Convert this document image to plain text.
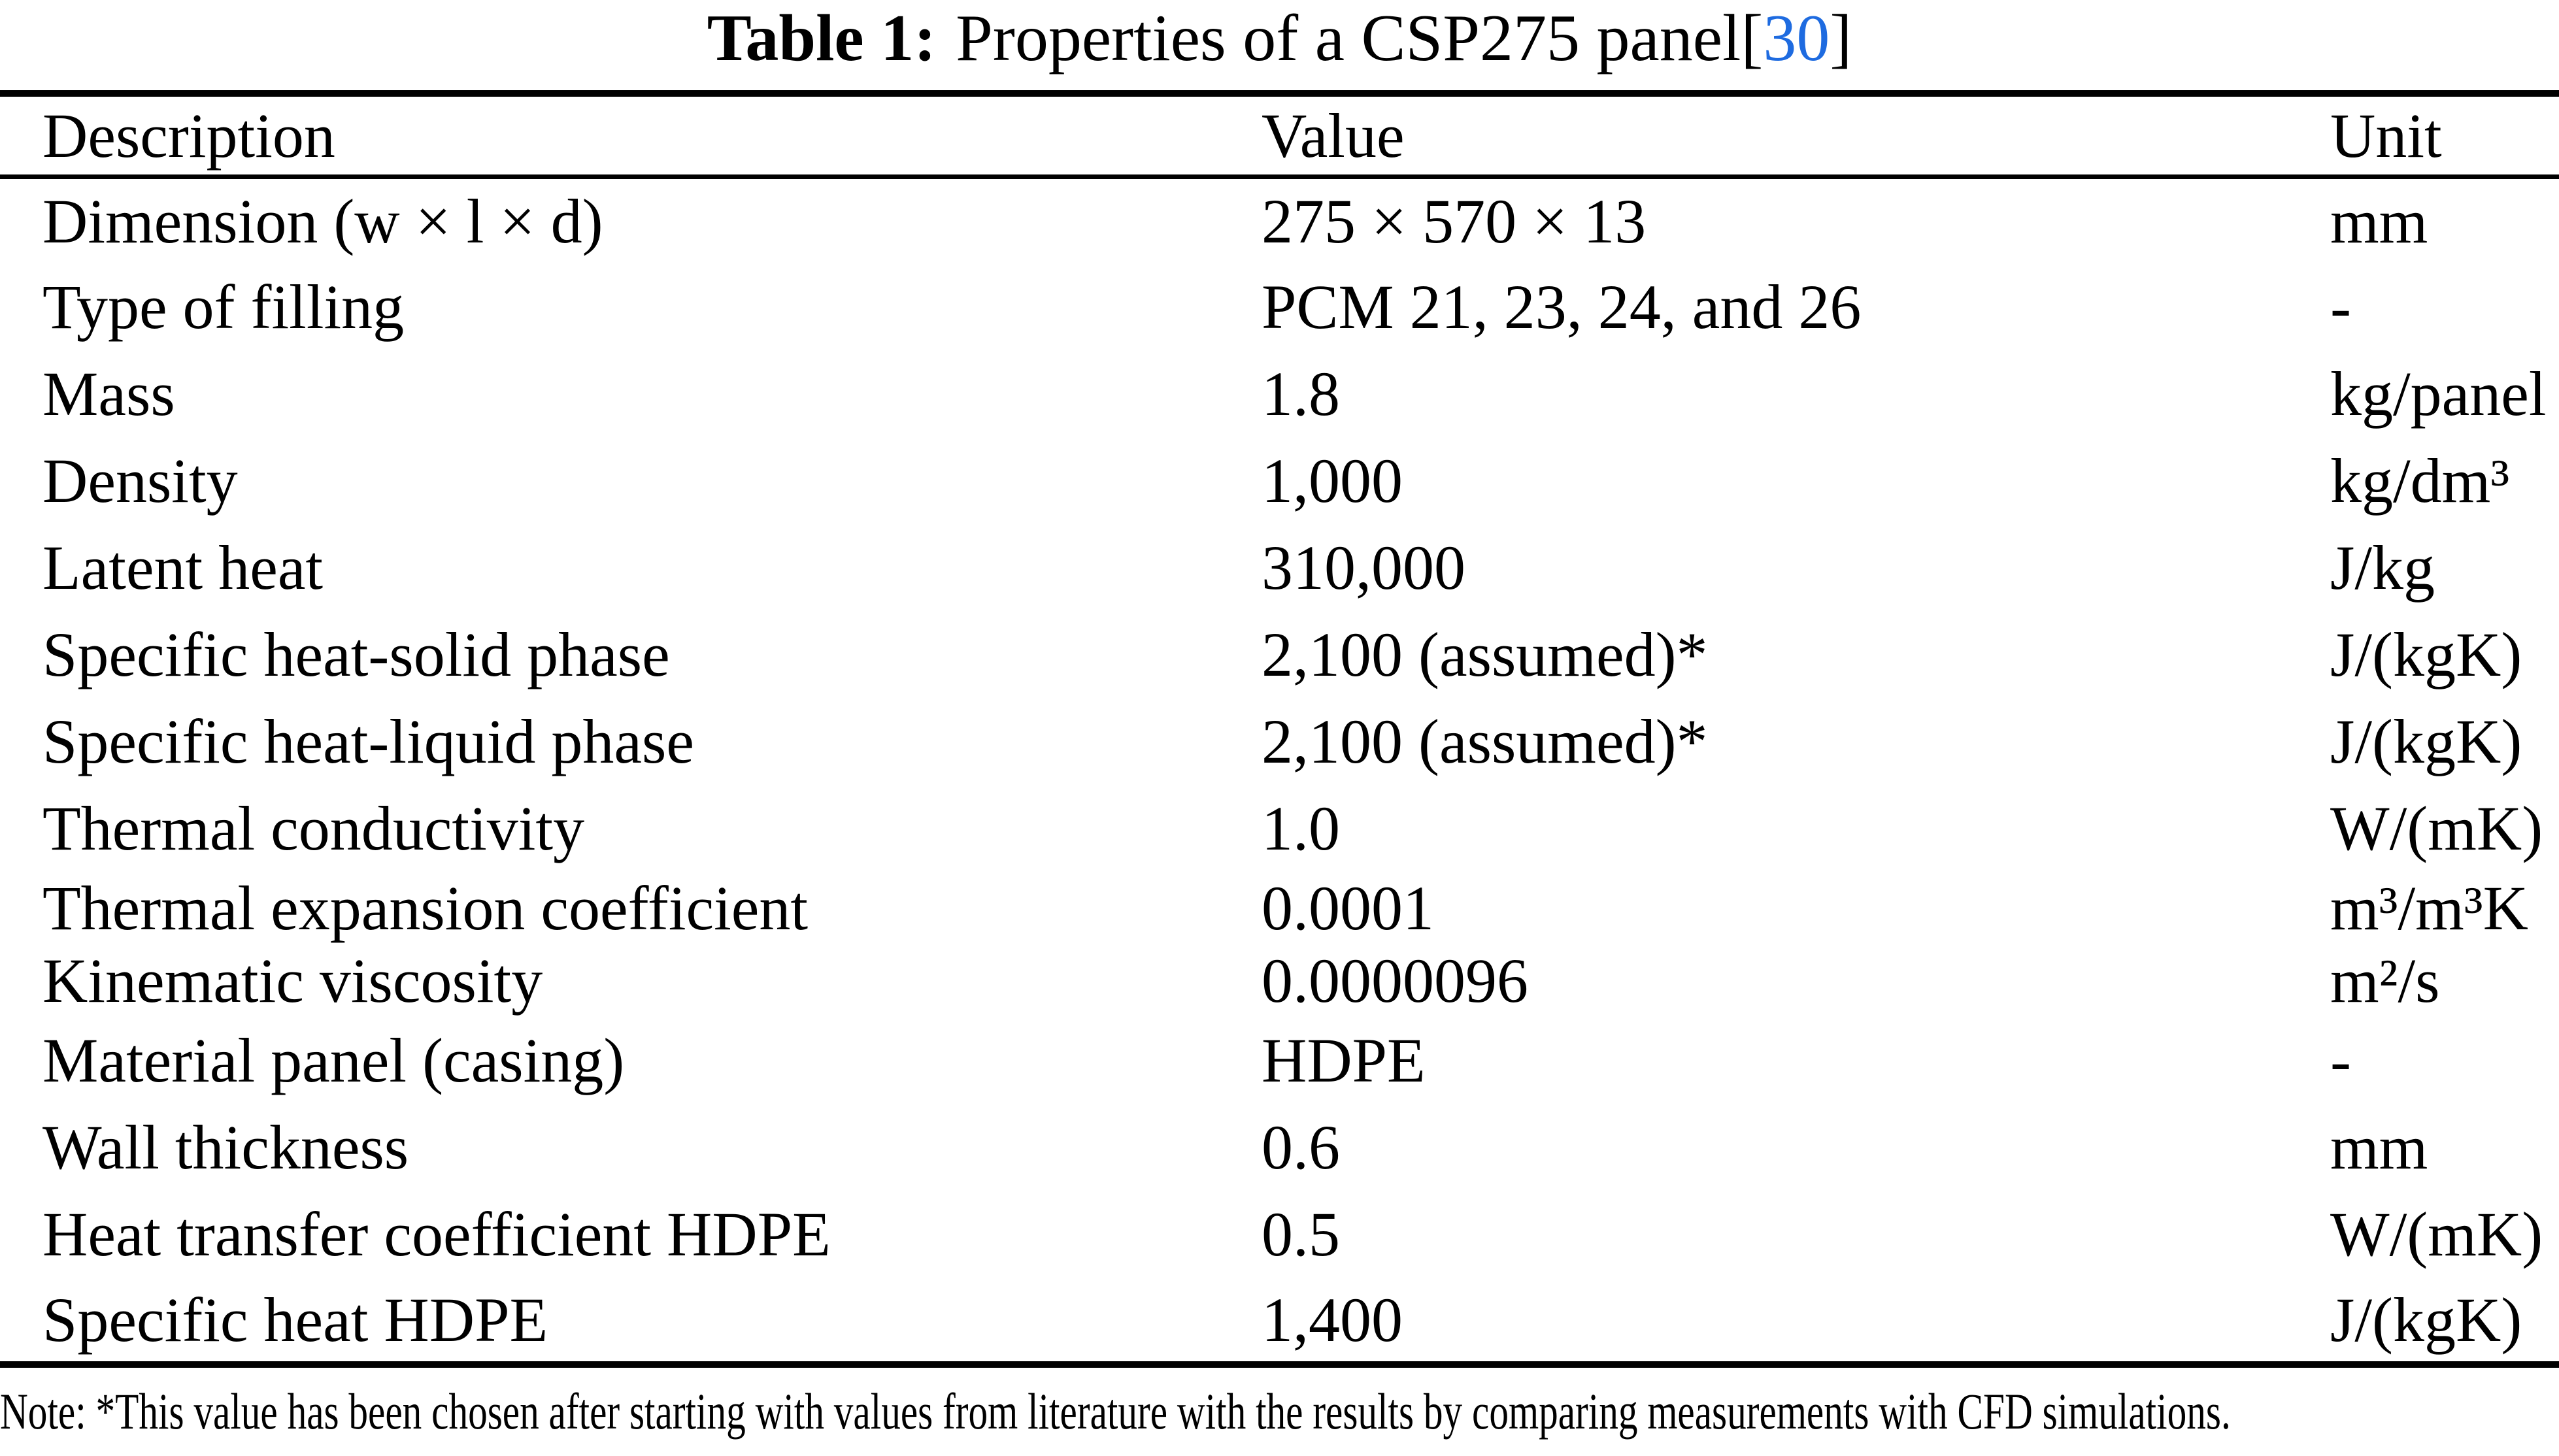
Table 1: Properties of a CSP275 panel [ 30 ]
Description	Value	Unit
Dimension (w × l × d)	275 × 570 × 13	mm
Type of filling	PCM 21, 23, 24, and 26	-
Mass	1.8	kg/panel
Density	1,000	kg/dm³
Latent heat	310,000	J/kg
Specific heat-solid phase	2,100 (assumed)*	J/(kgK)
Specific heat-liquid phase	2,100 (assumed)*	J/(kgK)
Thermal conductivity	1.0	W/(mK)
Thermal expansion coefficient	0.0001	m³/m³K
Kinematic viscosity	0.0000096	m²/s
Material panel (casing)	HDPE	-
Wall thickness	0.6	mm
Heat transfer coefficient HDPE	0.5	W/(mK)
Specific heat HDPE	1,400	J/(kgK)
Note: *This value has been chosen after starting with values from literature with the results by comparing measurements with CFD simulations.
